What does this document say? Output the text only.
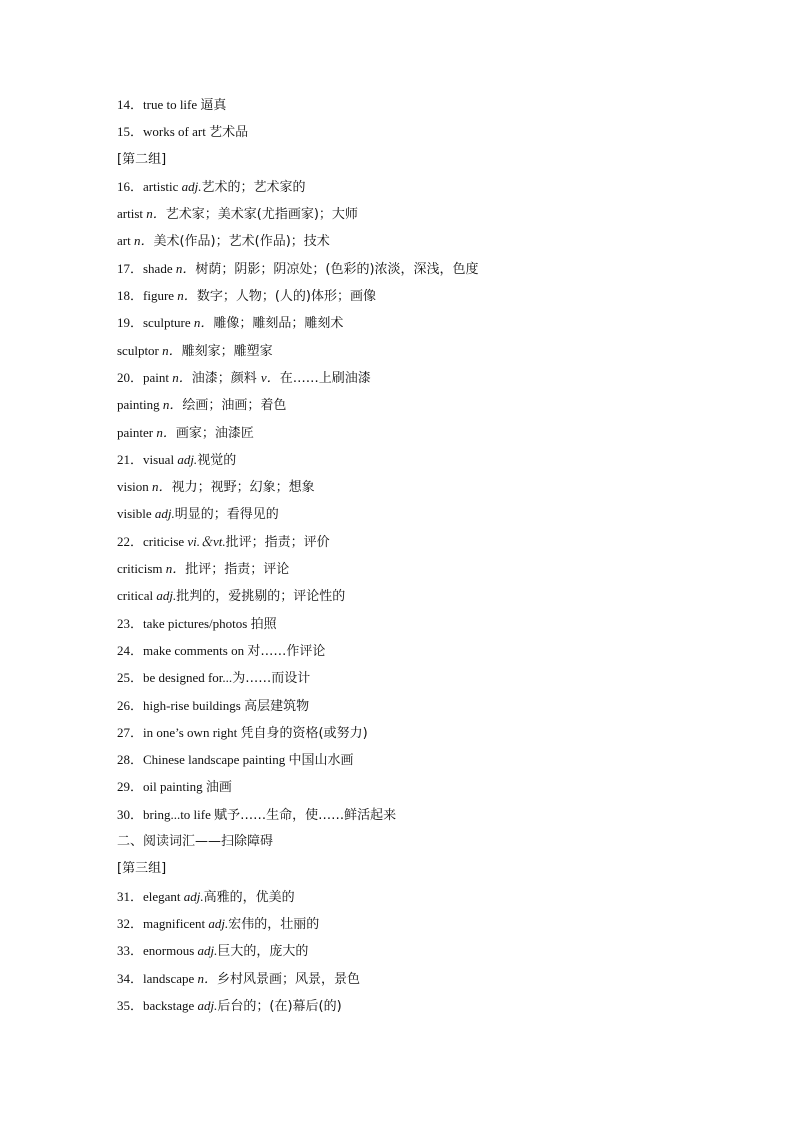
14．true to life 逼真
15．works of art 艺术品
[第二组]
16．artistic adj.艺术的；艺术家的
artist n．艺术家；美术家(尤指画家)；大师
art n．美术(作品)；艺术(作品)；技术
17．shade n．树荫；阴影；阴凉处；(色彩的)浓淡，深浅，色度
18．figure n．数字；人物；(人的)体形；画像
19．sculpture n．雕像；雕刻品；雕刻术
sculptor n．雕刻家；雕塑家
20．paint n．油漆；颜料 v．在……上刷油漆
painting n．绘画；油画；着色
painter n．画家；油漆匠
21．visual adj.视觉的
vision n．视力；视野；幻象；想象
visible adj.明显的；看得见的
22．criticise vi.＆vt.批评；指责；评价
criticism n．批评；指责；评论
critical adj.批判的，爱挑剔的；评论性的
23．take pictures/photos 拍照
24．make comments on 对……作评论
25．be designed for...为……而设计
26．high-rise buildings 高层建筑物
27．in one’s own right 凭自身的资格(或努力)
28．Chinese landscape painting 中国山水画
29．oil painting 油画
30．bring...to life 赋予……生命，使……鲜活起来
二、阅读词汇——扫除障碍
[第三组]
31．elegant adj.高雅的，优美的
32．magnificent adj.宏伟的，壮丽的
33．enormous adj.巨大的，庞大的
34．landscape n．乡村风景画；风景，景色
35．backstage adj.后台的；(在)幕后(的)
